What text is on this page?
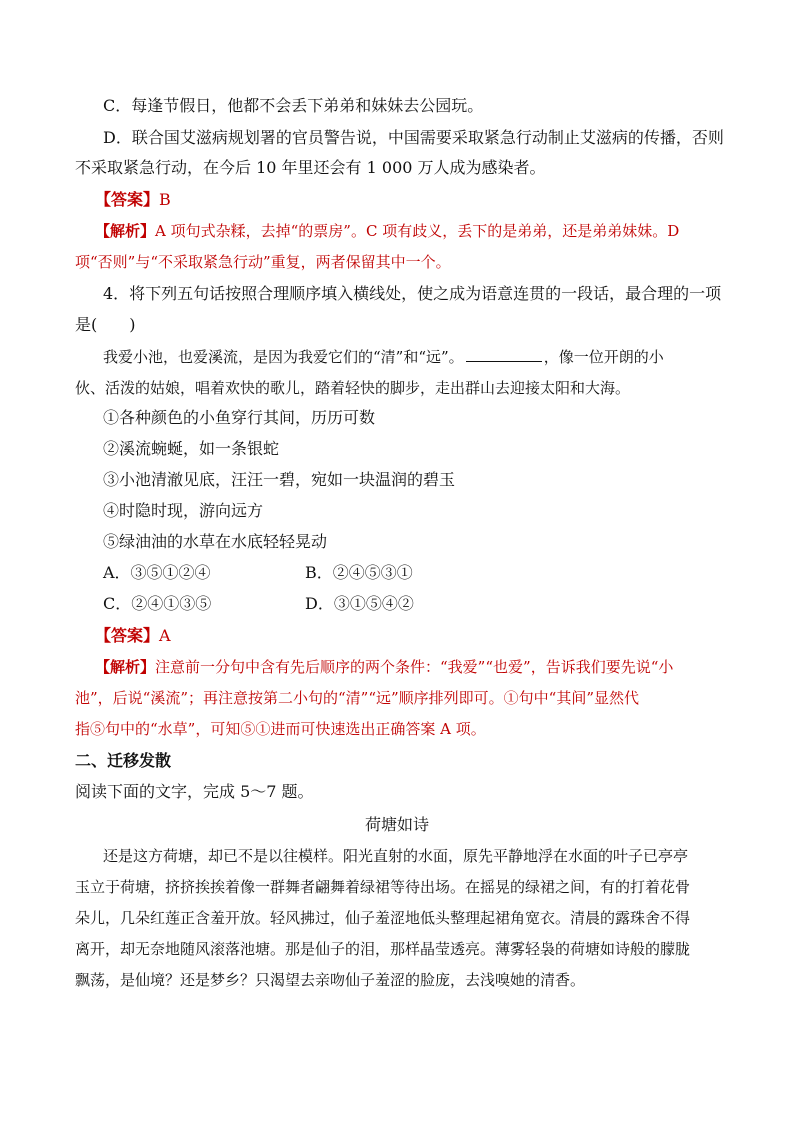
C．每逢节假日，他都不会丢下弟弟和妹妹去公园玩。
D．联合国艾滋病规划署的官员警告说，中国需要采取紧急行动制止艾滋病的传播，否则
不采取紧急行动，在今后 10 年里还会有 1 000 万人成为感染者。
【答案】B
【解析】A 项句式杂糅，去掉“的票房”。C 项有歧义，丢下的是弟弟，还是弟弟妹妹。D
项“否则”与“不采取紧急行动”重复，两者保留其中一个。
4．将下列五句话按照合理顺序填入横线处，使之成为语意连贯的一段话，最合理的一项
是(　　)
我爱小池，也爱溪流，是因为我爱它们的“清”和“远”。	，像一位开朗的小
伙、活泼的姑娘，唱着欢快的歌儿，踏着轻快的脚步，走出群山去迎接太阳和大海。
①各种颜色的小鱼穿行其间，历历可数
②溪流蜿蜒，如一条银蛇
③小池清澈见底，汪汪一碧，宛如一块温润的碧玉
④时隐时现，游向远方
⑤绿油油的水草在水底轻轻晃动
A．③⑤①②④	B．②④⑤③①
C．②④①③⑤	D．③①⑤④②
【答案】A
【解析】注意前一分句中含有先后顺序的两个条件：“我爱”“也爱”，告诉我们要先说“小
池”，后说“溪流”；再注意按第二小句的“清”“远”顺序排列即可。①句中“其间”显然代
指⑤句中的“水草”，可知⑤①进而可快速选出正确答案 A 项。
二、迁移发散
阅读下面的文字，完成 5～7 题。
荷塘如诗
还是这方荷塘，却已不是以往模样。阳光直射的水面，原先平静地浮在水面的叶子已亭亭
玉立于荷塘，挤挤挨挨着像一群舞者翩舞着绿裙等待出场。在摇晃的绿裙之间，有的打着花骨
朵儿，几朵红莲正含羞开放。轻风拂过，仙子羞涩地低头整理起裙角宽衣。清晨的露珠舍不得
离开，却无奈地随风滚落池塘。那是仙子的泪，那样晶莹透亮。薄雾轻袅的荷塘如诗般的朦胧
飘荡，是仙境？还是梦乡？只渴望去亲吻仙子羞涩的脸庞，去浅嗅她的清香。
